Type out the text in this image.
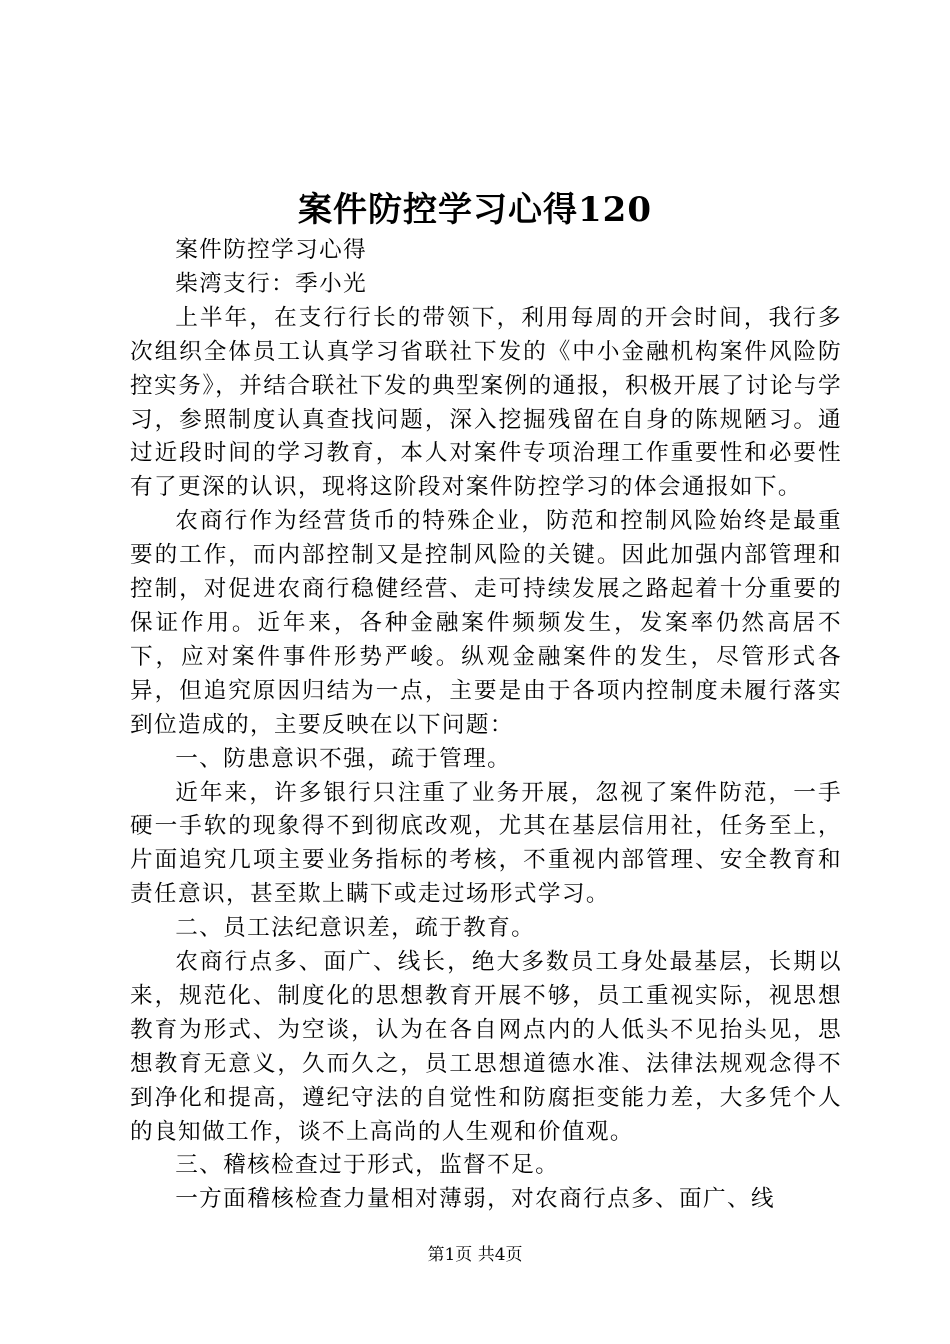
案件防控学习心得120

案件防控学习心得

柴湾支行：季小光

上半年，在支行行长的带领下，利用每周的开会时间，我行多次组织全体员工认真学习省联社下发的《中小金融机构案件风险防控实务》，并结合联社下发的典型案例的通报，积极开展了讨论与学习，参照制度认真查找问题，深入挖掘残留在自身的陈规陋习。通过近段时间的学习教育，本人对案件专项治理工作重要性和必要性有了更深的认识，现将这阶段对案件防控学习的体会通报如下。

农商行作为经营货币的特殊企业，防范和控制风险始终是最重要的工作，而内部控制又是控制风险的关键。因此加强内部管理和控制，对促进农商行稳健经营、走可持续发展之路起着十分重要的保证作用。近年来，各种金融案件频频发生，发案率仍然高居不下，应对案件事件形势严峻。纵观金融案件的发生，尽管形式各异，但追究原因归结为一点，主要是由于各项内控制度未履行落实到位造成的，主要反映在以下问题：

一、防患意识不强，疏于管理。

近年来，许多银行只注重了业务开展，忽视了案件防范，一手硬一手软的现象得不到彻底改观，尤其在基层信用社，任务至上，片面追究几项主要业务指标的考核，不重视内部管理、安全教育和责任意识，甚至欺上瞒下或走过场形式学习。

二、员工法纪意识差，疏于教育。

农商行点多、面广、线长，绝大多数员工身处最基层，长期以来，规范化、制度化的思想教育开展不够，员工重视实际，视思想教育为形式、为空谈，认为在各自网点内的人低头不见抬头见，思想教育无意义，久而久之，员工思想道德水准、法律法规观念得不到净化和提高，遵纪守法的自觉性和防腐拒变能力差，大多凭个人的良知做工作，谈不上高尚的人生观和价值观。

三、稽核检查过于形式，监督不足。

一方面稽核检查力量相对薄弱，对农商行点多、面广、线

第1页 共4页
